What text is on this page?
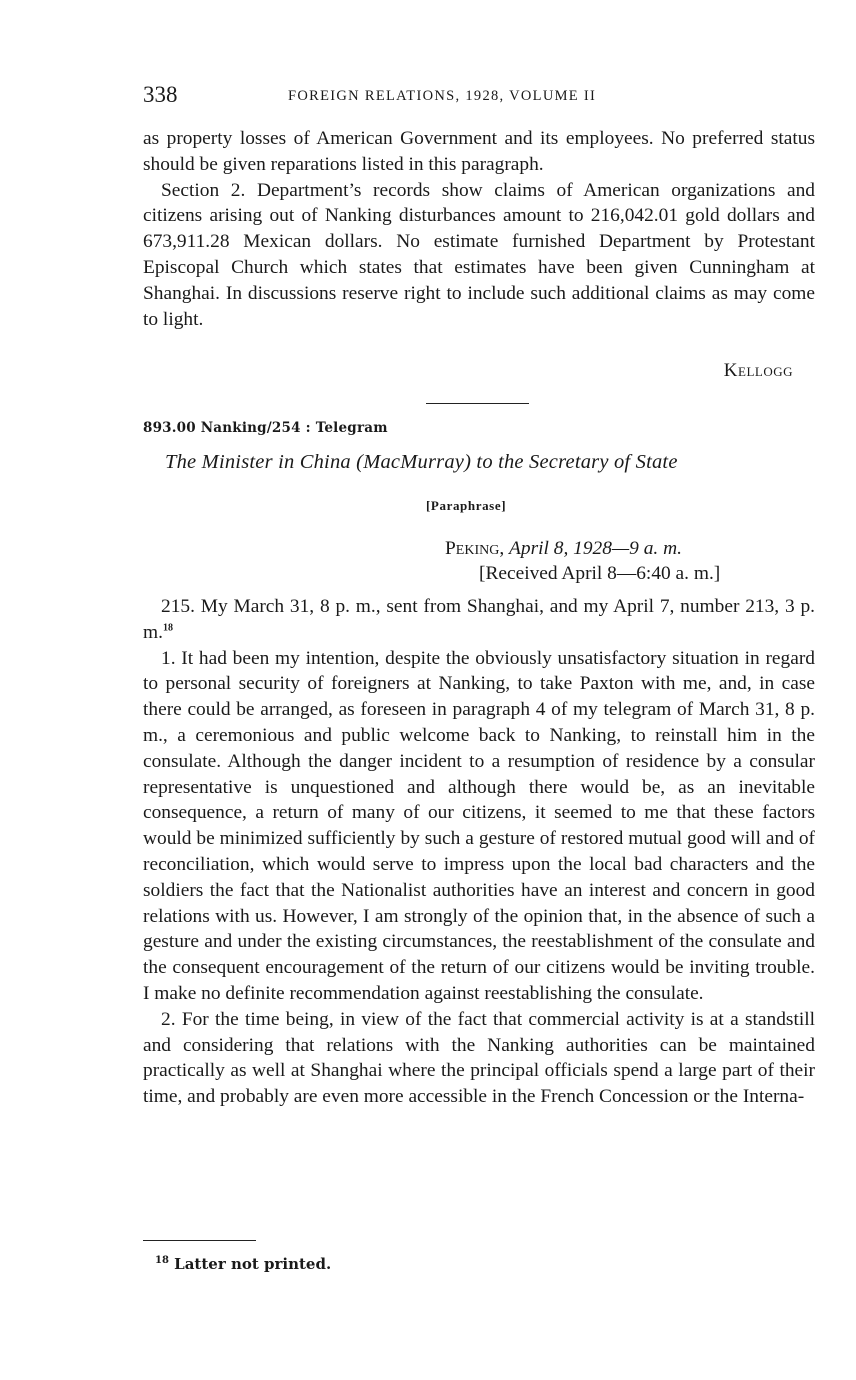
338	FOREIGN RELATIONS, 1928, VOLUME II

as property losses of American Government and its employees. No preferred status should be given reparations listed in this paragraph.

Section 2. Department’s records show claims of American organizations and citizens arising out of Nanking disturbances amount to 216,042.01 gold dollars and 673,911.28 Mexican dollars. No estimate furnished Department by Protestant Episcopal Church which states that estimates have been given Cunningham at Shanghai. In discussions reserve right to include such additional claims as may come to light.

Kellogg
893.00 Nanking/254 : Telegram
The Minister in China (MacMurray) to the Secretary of State
[Paraphrase]
Peking, April 8, 1928—9 a. m.
[Received April 8—6:40 a. m.]

215. My March 31, 8 p. m., sent from Shanghai, and my April 7, number 213, 3 p. m.$^{18}$

1. It had been my intention, despite the obviously unsatisfactory situation in regard to personal security of foreigners at Nanking, to take Paxton with me, and, in case there could be arranged, as foreseen in paragraph 4 of my telegram of March 31, 8 p. m., a ceremonious and public welcome back to Nanking, to reinstall him in the consulate. Although the danger incident to a resumption of residence by a consular representative is unquestioned and although there would be, as an inevitable consequence, a return of many of our citizens, it seemed to me that these factors would be minimized sufficiently by such a gesture of restored mutual good will and of reconciliation, which would serve to impress upon the local bad characters and the soldiers the fact that the Nationalist authorities have an interest and concern in good relations with us. However, I am strongly of the opinion that, in the absence of such a gesture and under the existing circumstances, the reestablishment of the consulate and the consequent encouragement of the return of our citizens would be inviting trouble. I make no definite recommendation against reestablishing the consulate.

2. For the time being, in view of the fact that commercial activity is at a standstill and considering that relations with the Nanking authorities can be maintained practically as well at Shanghai where the principal officials spend a large part of their time, and probably are even more accessible in the French Concession or the Interna-

$^{18}$ Latter not printed.
